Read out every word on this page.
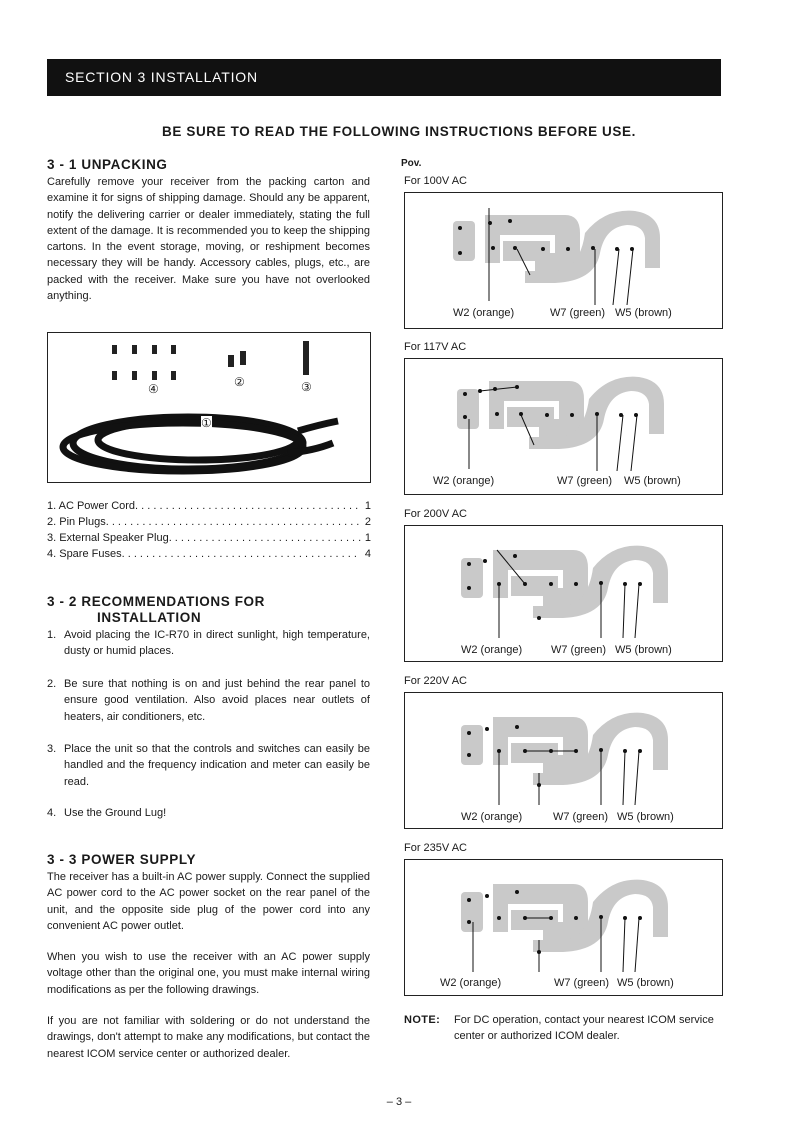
SECTION 3 INSTALLATION
BE SURE TO READ THE FOLLOWING INSTRUCTIONS BEFORE USE.
3 - 1 UNPACKING
Carefully remove your receiver from the packing carton and examine it for signs of shipping damage. Should any be apparent, notify the delivering carrier or dealer immediately, stating the full extent of the damage. It is recommended you to keep the shipping cartons. In the event storage, moving, or reshipment becomes necessary they will be handy. Accessory cables, plugs, etc., are packed with the receiver. Make sure you have not overlooked anything.
④	②	③
①
1. AC Power Cord . . .	1
2. Pin Plugs . . .	2
3. External Speaker Plug . . .	1
4. Spare Fuses . . .	4
3 - 2 RECOMMENDATIONS FOR
INSTALLATION
1. Avoid placing the IC-R70 in direct sunlight, high temperature, dusty or humid places.
2. Be sure that nothing is on and just behind the rear panel to ensure good ventilation. Also avoid places near outlets of heaters, air conditioners, etc.
3. Place the unit so that the controls and switches can easily be handled and the frequency indication and meter can easily be read.
4. Use the Ground Lug!
3 - 3 POWER SUPPLY
The receiver has a built-in AC power supply. Connect the supplied AC power cord to the AC power socket on the rear panel of the unit, and the opposite side plug of the power cord into any convenient AC power outlet.
When you wish to use the receiver with an AC power supply voltage other than the original one, you must make internal wiring modifications as per the following drawings.
If you are not familiar with soldering or do not understand the drawings, don't attempt to make any modifications, but contact the nearest ICOM service center or authorized dealer.
Pov.
For 100V AC
W2 (orange)	W7 (green) W5 (brown)
For 117V AC
W2 (orange)	W7 (green) W5 (brown)
For 200V AC
W2 (orange)	W7 (green) W5 (brown)
For 220V AC
W2 (orange)	W7 (green) W5 (brown)
For 235V AC
W2 (orange)	W7 (green) W5 (brown)
NOTE: For DC operation, contact your nearest ICOM service center or authorized ICOM dealer.
– 3 –
